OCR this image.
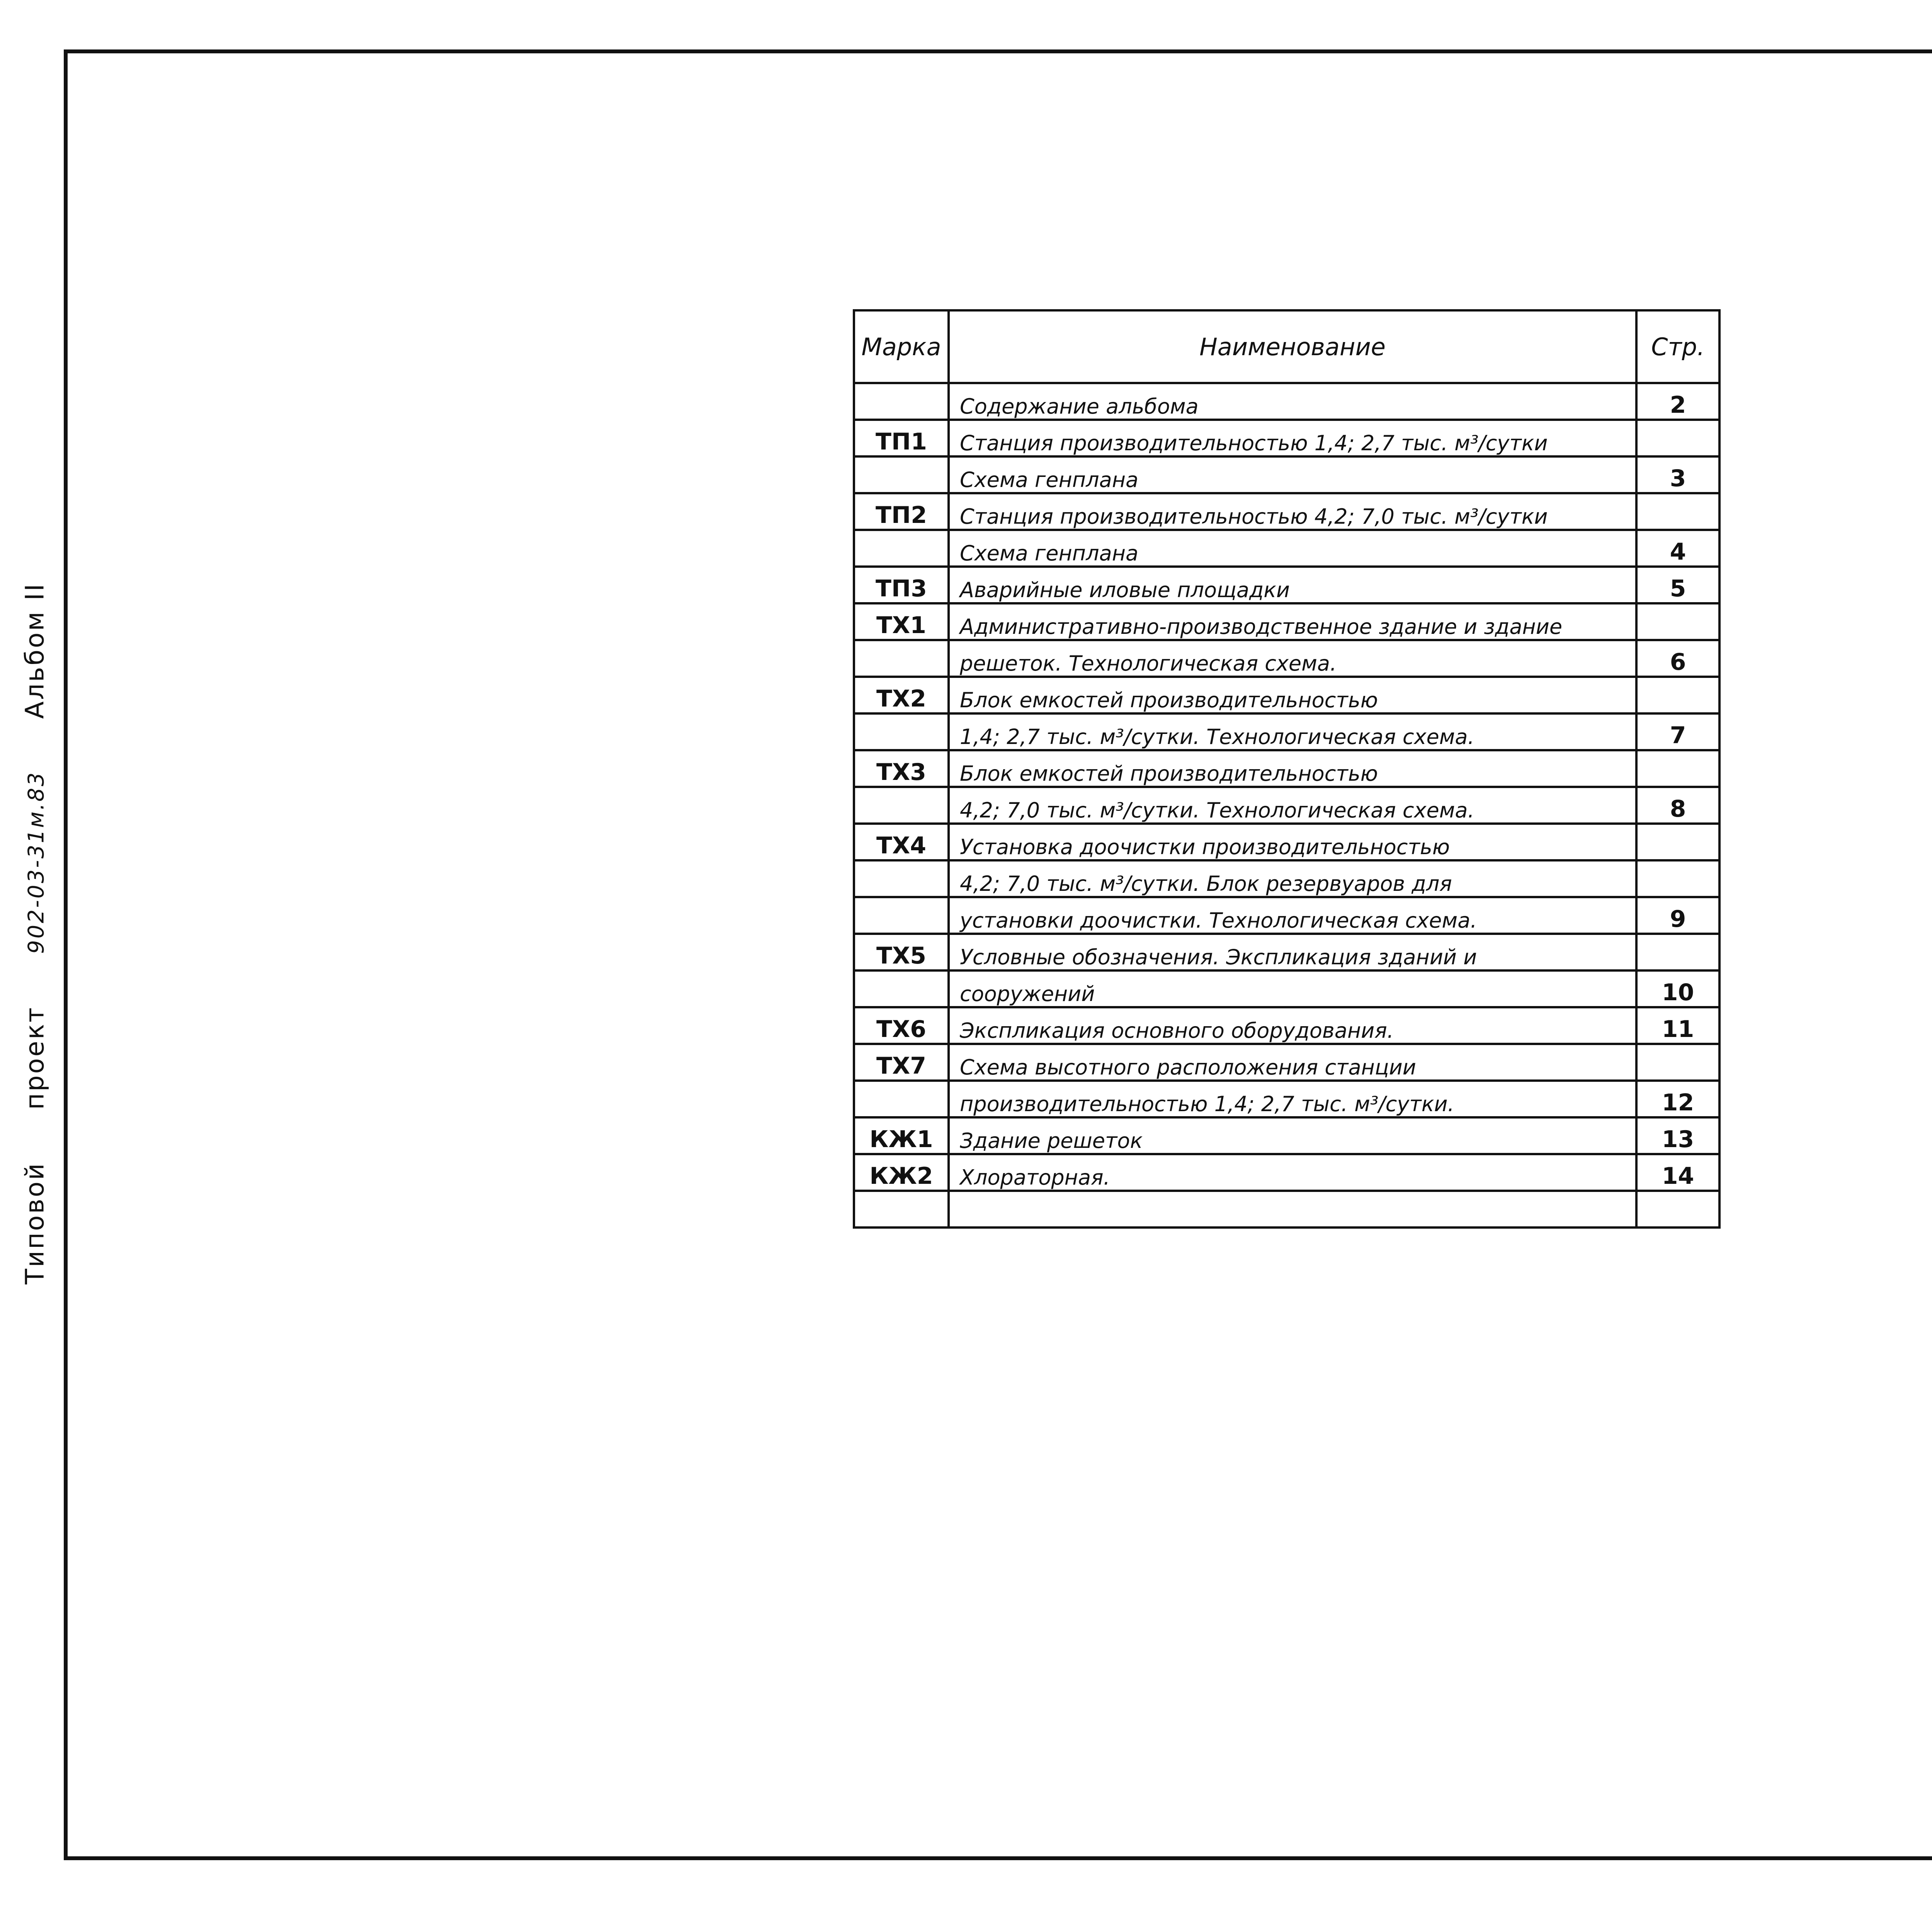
Типовой проект 902-03-31м.83 Альбом II
Марка	Наименование	Стр.
	Содержание альбома	2
ТП1	Станция производительностью 1,4; 2,7 тыс. м³/сутки	
	Схема генплана	3
ТП2	Станция производительностью 4,2; 7,0 тыс. м³/сутки	
	Схема генплана	4
ТП3	Аварийные иловые площадки	5
ТХ1	Административно-производственное здание и здание	
	решеток. Технологическая схема.	6
ТХ2	Блок емкостей производительностью	
	1,4; 2,7 тыс. м³/сутки. Технологическая схема.	7
ТХ3	Блок емкостей производительностью	
	4,2; 7,0 тыс. м³/сутки. Технологическая схема.	8
ТХ4	Установка доочистки производительностью	
	4,2; 7,0 тыс. м³/сутки. Блок резервуаров для	
	установки доочистки. Технологическая схема.	9
ТХ5	Условные обозначения. Экспликация зданий и	
	сооружений	10
ТХ6	Экспликация основного оборудования.	11
ТХ7	Схема высотного расположения станции	
	производительностью 1,4; 2,7 тыс. м³/сутки.	12
КЖ1	Здание решеток	13
КЖ2	Хлораторная.	14
